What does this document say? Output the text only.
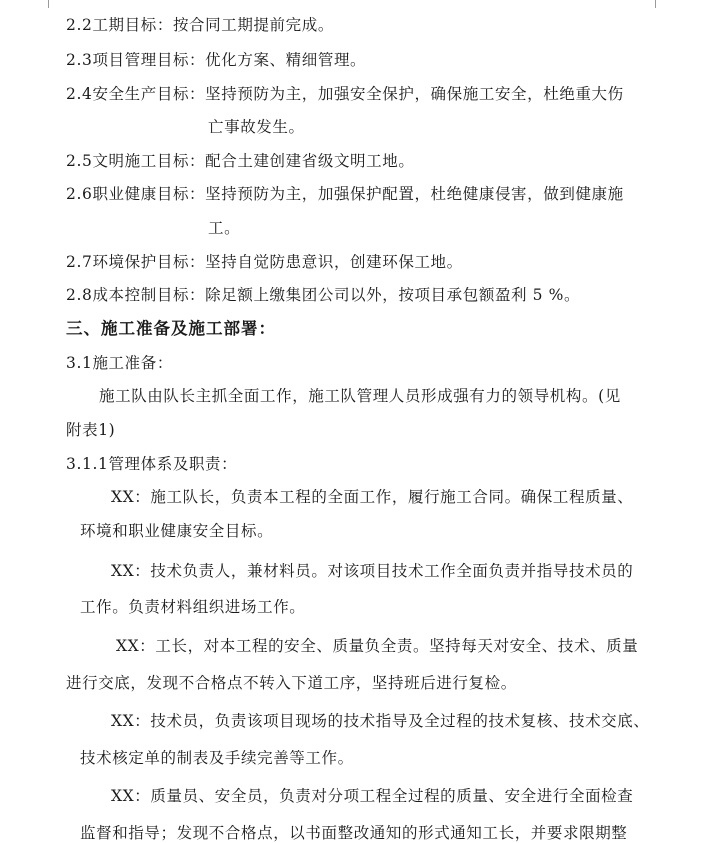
2.2工期目标：按合同工期提前完成。
2.3项目管理目标：优化方案、精细管理。
2.4安全生产目标：坚持预防为主，加强安全保护，确保施工安全，杜绝重大伤
亡事故发生。
2.5文明施工目标：配合土建创建省级文明工地。
2.6职业健康目标：坚持预防为主，加强保护配置，杜绝健康侵害，做到健康施
工。
2.7环境保护目标：坚持自觉防患意识，创建环保工地。
2.8成本控制目标：除足额上缴集团公司以外，按项目承包额盈利 5 %。
三、施工准备及施工部署：
3.1施工准备：
施工队由队长主抓全面工作，施工队管理人员形成强有力的领导机构。(见
附表1)
3.1.1管理体系及职责：
XX：施工队长，负责本工程的全面工作，履行施工合同。确保工程质量、
环境和职业健康安全目标。
XX：技术负责人，兼材料员。对该项目技术工作全面负责并指导技术员的
工作。负责材料组织进场工作。
XX：工长，对本工程的安全、质量负全责。坚持每天对安全、技术、质量
进行交底，发现不合格点不转入下道工序，坚持班后进行复检。
XX：技术员，负责该项目现场的技术指导及全过程的技术复核、技术交底、
技术核定单的制表及手续完善等工作。
XX：质量员、安全员，负责对分项工程全过程的质量、安全进行全面检查
监督和指导；发现不合格点，以书面整改通知的形式通知工长，并要求限期整
